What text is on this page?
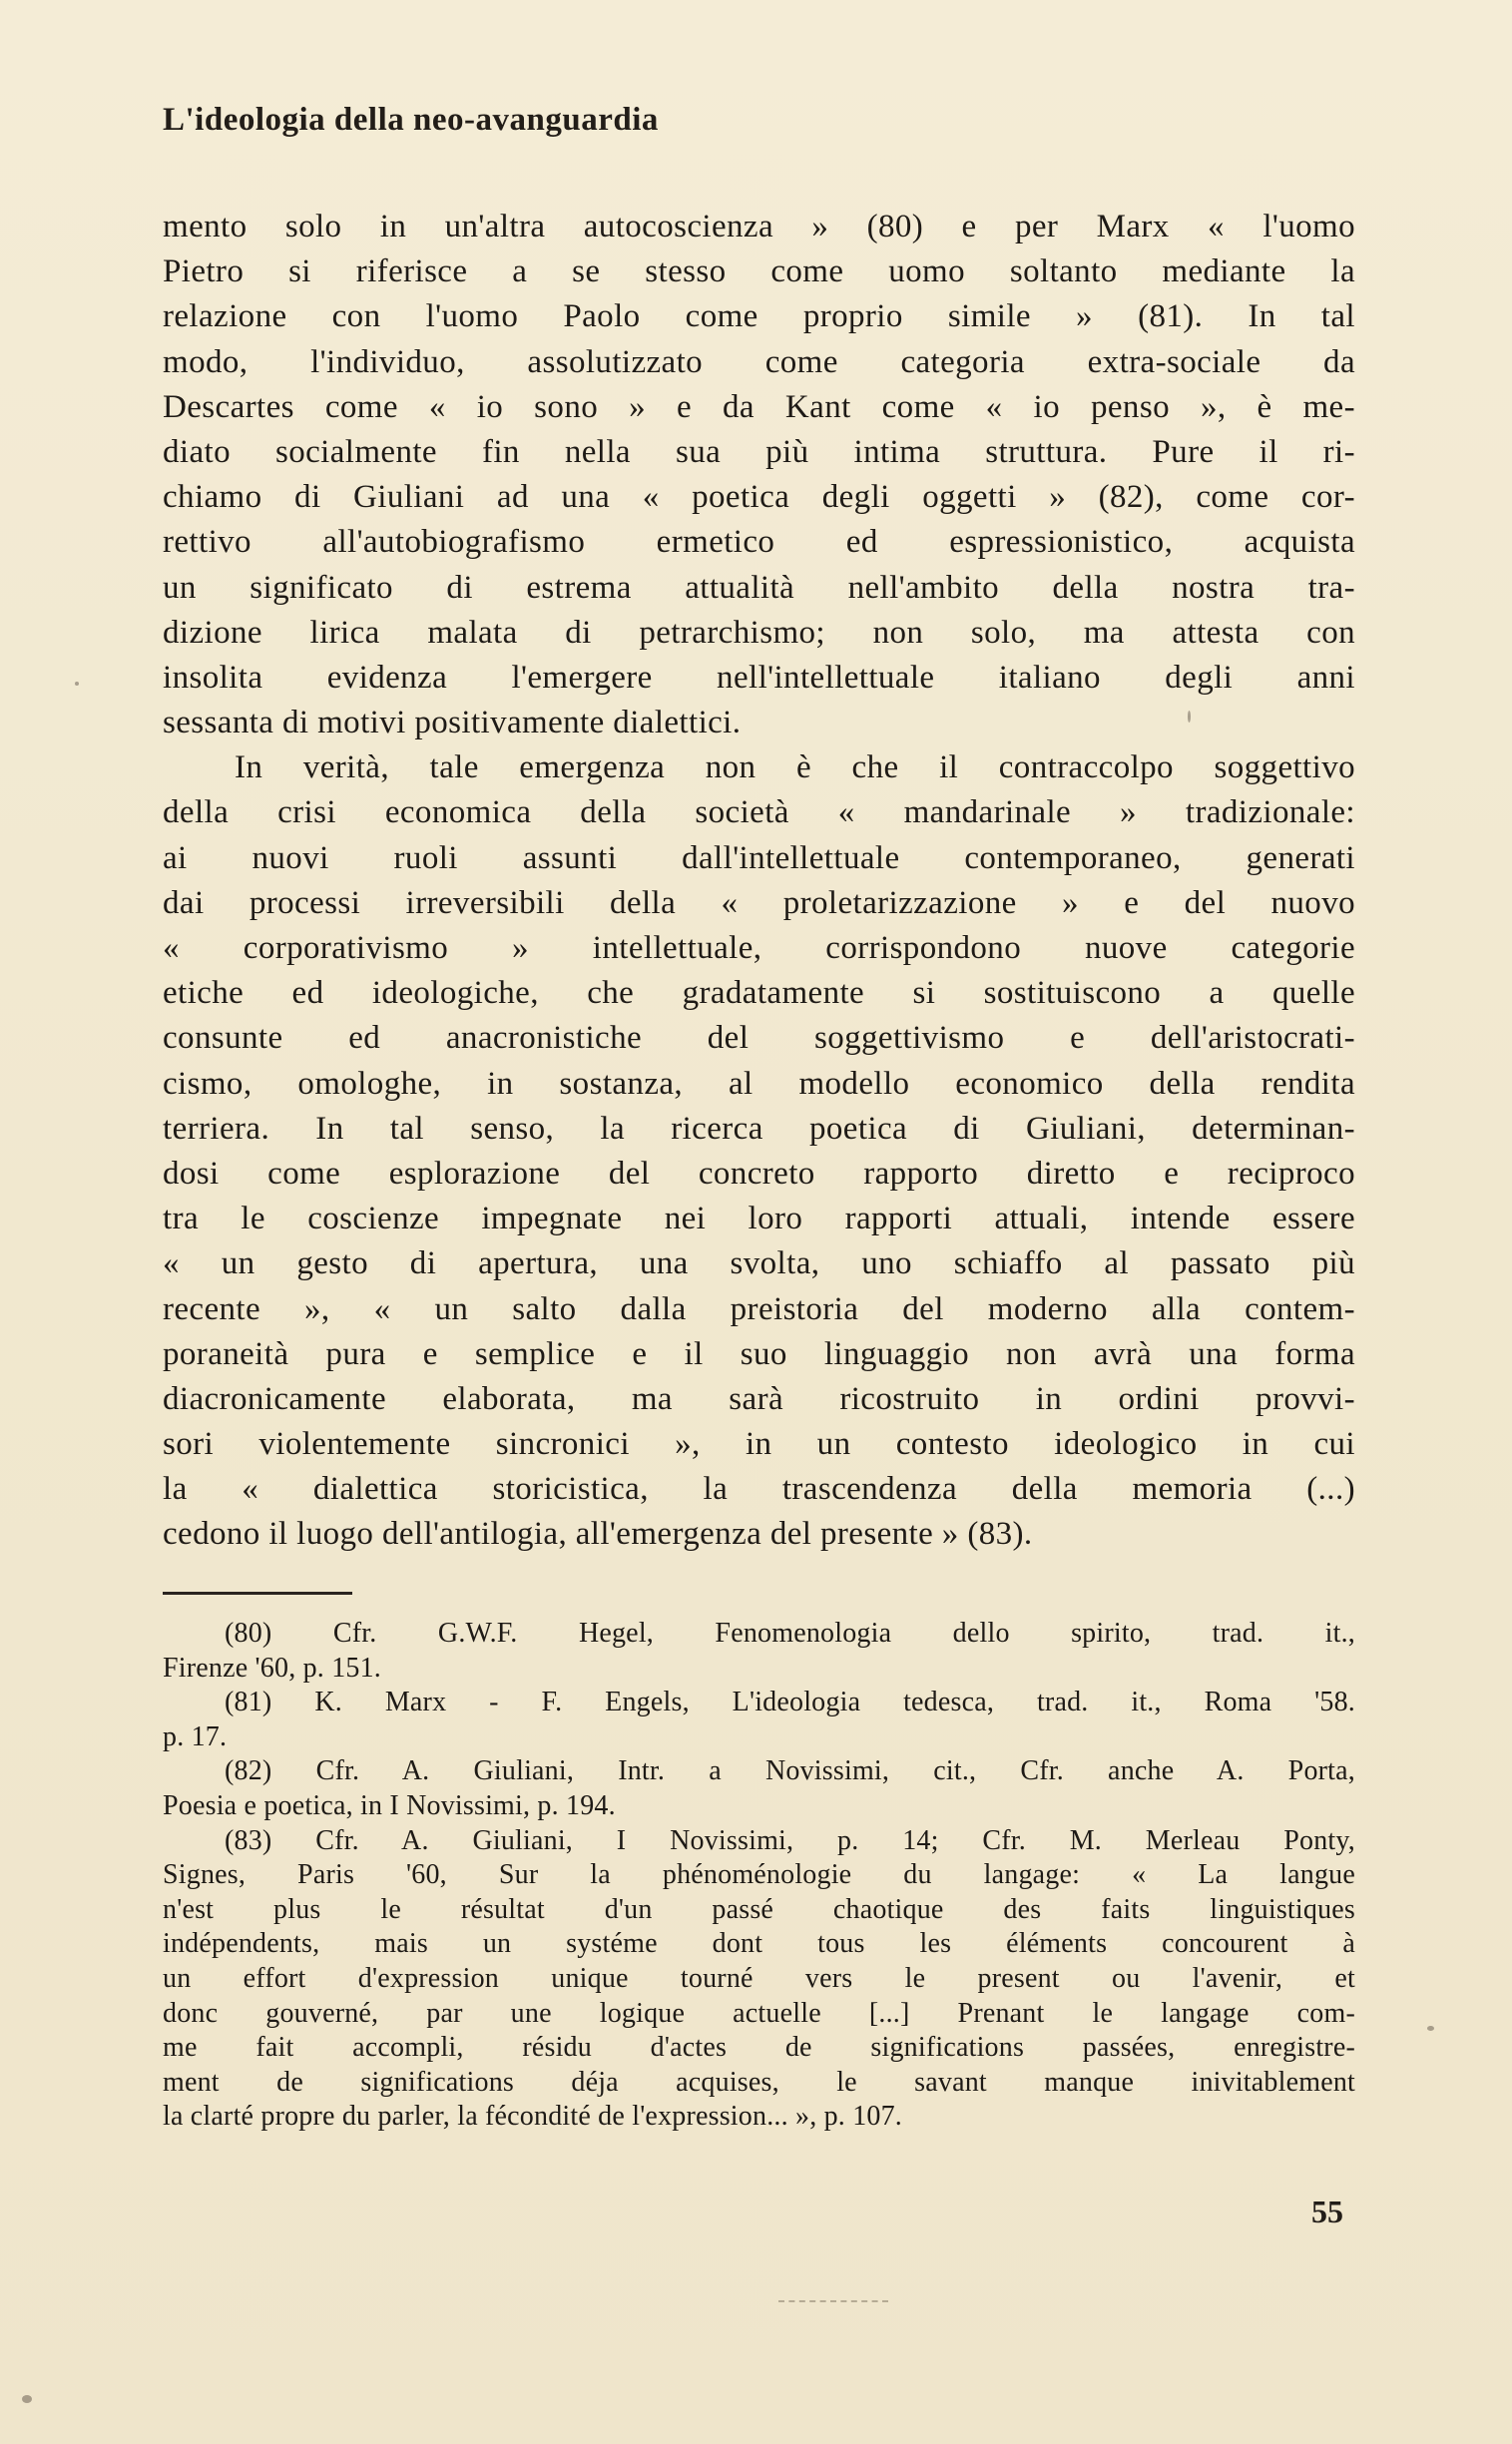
L'ideologia della neo-avanguardia
mento solo in un'altra autocoscienza » (80) e per Marx « l'uomo
Pietro si riferisce a se stesso come uomo soltanto mediante la
relazione con l'uomo Paolo come proprio simile » (81). In tal
modo, l'individuo, assolutizzato come categoria extra-sociale da
Descartes come « io sono » e da Kant come « io penso », è me-
diato socialmente fin nella sua più intima struttura. Pure il ri-
chiamo di Giuliani ad una « poetica degli oggetti » (82), come cor-
rettivo all'autobiografismo ermetico ed espressionistico, acquista
un significato di estrema attualità nell'ambito della nostra tra-
dizione lirica malata di petrarchismo; non solo, ma attesta con
insolita evidenza l'emergere nell'intellettuale italiano degli anni
sessanta di motivi positivamente dialettici.
In verità, tale emergenza non è che il contraccolpo soggettivo
della crisi economica della società « mandarinale » tradizionale:
ai nuovi ruoli assunti dall'intellettuale contemporaneo, generati
dai processi irreversibili della « proletarizzazione » e del nuovo
« corporativismo » intellettuale, corrispondono nuove categorie
etiche ed ideologiche, che gradatamente si sostituiscono a quelle
consunte ed anacronistiche del soggettivismo e dell'aristocrati-
cismo, omologhe, in sostanza, al modello economico della rendita
terriera. In tal senso, la ricerca poetica di Giuliani, determinan-
dosi come esplorazione del concreto rapporto diretto e reciproco
tra le coscienze impegnate nei loro rapporti attuali, intende essere
« un gesto di apertura, una svolta, uno schiaffo al passato più
recente », « un salto dalla preistoria del moderno alla contem-
poraneità pura e semplice e il suo linguaggio non avrà una forma
diacronicamente elaborata, ma sarà ricostruito in ordini provvi-
sori violentemente sincronici », in un contesto ideologico in cui
la « dialettica storicistica, la trascendenza della memoria (...)
cedono il luogo dell'antilogia, all'emergenza del presente » (83).
(80) Cfr. G.W.F. Hegel, Fenomenologia dello spirito, trad. it.,
Firenze '60, p. 151.
(81) K. Marx - F. Engels, L'ideologia tedesca, trad. it., Roma '58.
p. 17.
(82) Cfr. A. Giuliani, Intr. a Novissimi, cit., Cfr. anche A. Porta,
Poesia e poetica, in I Novissimi, p. 194.
(83) Cfr. A. Giuliani, I Novissimi, p. 14; Cfr. M. Merleau Ponty,
Signes, Paris '60, Sur la phénoménologie du langage: « La langue
n'est plus le résultat d'un passé chaotique des faits linguistiques
indépendents, mais un systéme dont tous les éléments concourent à
un effort d'expression unique tourné vers le present ou l'avenir, et
donc gouverné, par une logique actuelle [...] Prenant le langage com-
me fait accompli, résidu d'actes de significations passées, enregistre-
ment de significations déja acquises, le savant manque inivitablement
la clarté propre du parler, la fécondité de l'expression... », p. 107.
55
